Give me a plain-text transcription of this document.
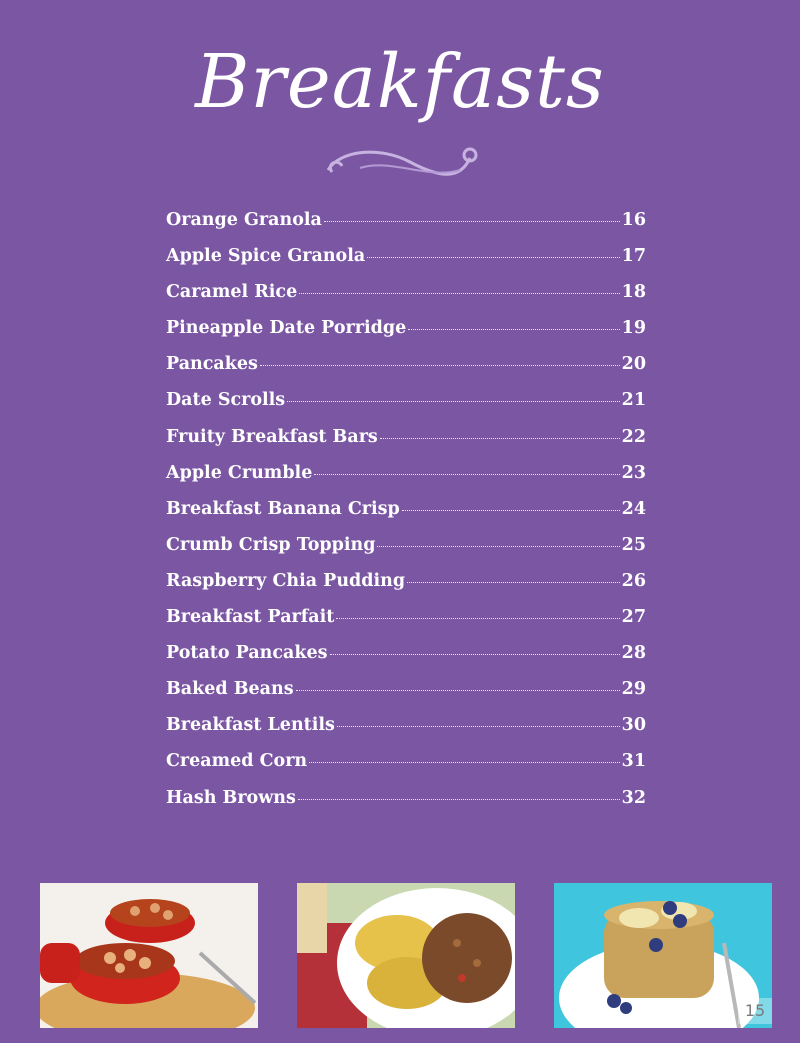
Breakfasts
Orange Granola	16
Apple Spice Granola	17
Caramel Rice	18
Pineapple Date Porridge	19
Pancakes	20
Date Scrolls	21
Fruity Breakfast Bars	22
Apple Crumble	23
Breakfast Banana Crisp	24
Crumb Crisp Topping	25
Raspberry Chia Pudding	26
Breakfast Parfait	27
Potato Pancakes	28
Baked Beans	29
Breakfast Lentils	30
Creamed Corn	31
Hash Browns	32
15
